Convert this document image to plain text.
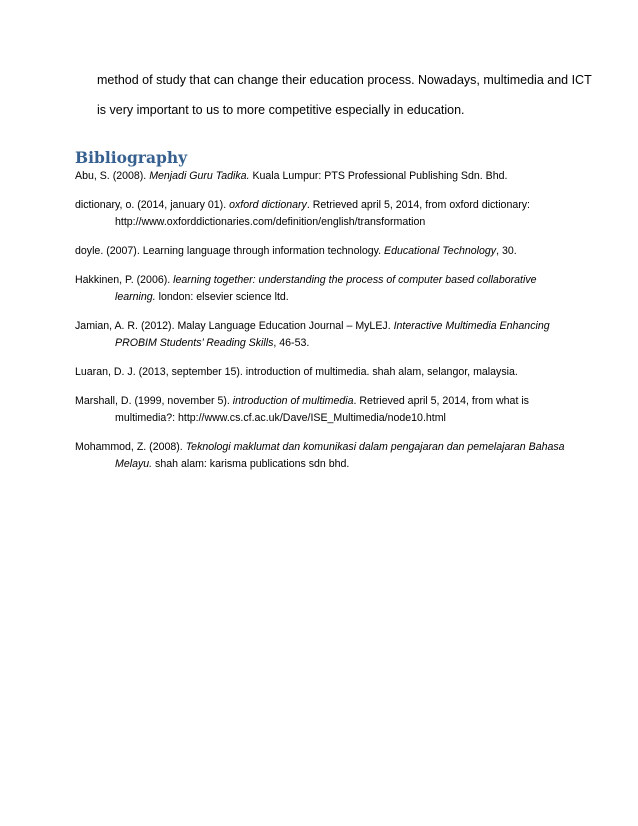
method of study that can change their education process. Nowadays, multimedia and ICT

is very important to us to more competitive especially in education.

Bibliography

Abu, S. (2008). Menjadi Guru Tadika. Kuala Lumpur: PTS Professional Publishing Sdn. Bhd.

dictionary, o. (2014, january 01). oxford dictionary. Retrieved april 5, 2014, from oxford dictionary: http://www.oxforddictionaries.com/definition/english/transformation

doyle. (2007). Learning language through information technology. Educational Technology, 30.

Hakkinen, P. (2006). learning together: understanding the process of computer based collaborative learning. london: elsevier science ltd.

Jamian, A. R. (2012). Malay Language Education Journal – MyLEJ. Interactive Multimedia Enhancing PROBIM Students’ Reading Skills, 46-53.

Luaran, D. J. (2013, september 15). introduction of multimedia. shah alam, selangor, malaysia.

Marshall, D. (1999, november 5). introduction of multimedia. Retrieved april 5, 2014, from what is multimedia?: http://www.cs.cf.ac.uk/Dave/ISE_Multimedia/node10.html

Mohammod, Z. (2008). Teknologi maklumat dan komunikasi dalam pengajaran dan pemelajaran Bahasa Melayu. shah alam: karisma publications sdn bhd.
